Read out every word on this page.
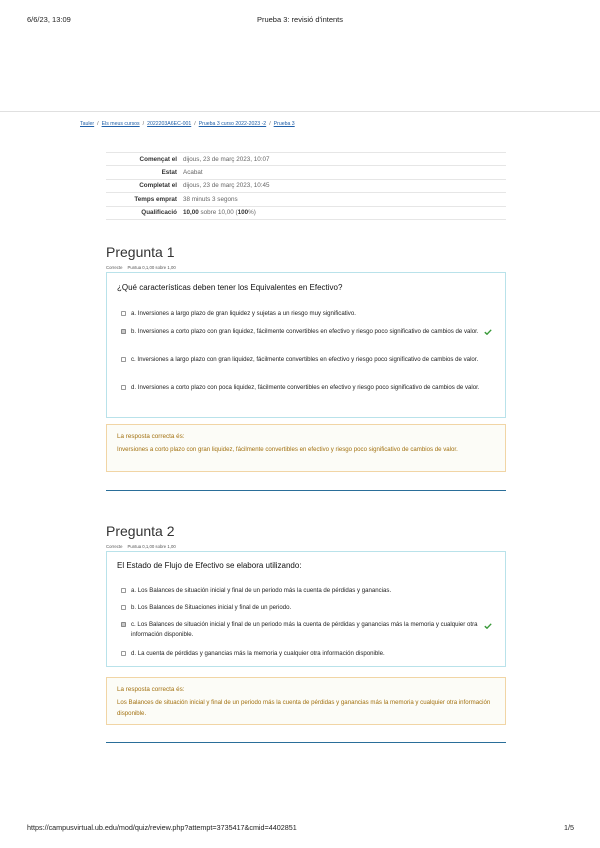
6/6/23, 13:09	Prueba 3: revisió d'intents
Tauler / Els meus cursos / 2022203A6EC-001 / Prueba 3 curso 2022-2023 -2 / Prueba 3
Començat el	dijous, 23 de març 2023, 10:07
Estat	Acabat
Completat el	dijous, 23 de març 2023, 10:45
Temps emprat	38 minuts 3 segons
Qualificació	10,00 sobre 10,00 (100%)
Pregunta 1
Correcte Puntua 0,1,00 sobre 1,00
¿Qué características deben tener los Equivalentes en Efectivo?
a. Inversiones a largo plazo de gran liquidez y sujetas a un riesgo muy significativo.
b. Inversiones a corto plazo con gran liquidez, fácilmente convertibles en efectivo y riesgo poco significativo de cambios de valor.
c. Inversiones a largo plazo con gran liquidez, fácilmente convertibles en efectivo y riesgo poco significativo de cambios de valor.
d. Inversiones a corto plazo con poca liquidez, fácilmente convertibles en efectivo y riesgo poco significativo de cambios de valor.
La resposta correcta és:
Inversiones a corto plazo con gran liquidez, fácilmente convertibles en efectivo y riesgo poco significativo de cambios de valor.
Pregunta 2
Correcte Puntua 0,1,00 sobre 1,00
El Estado de Flujo de Efectivo se elabora utilizando:
a. Los Balances de situación inicial y final de un periodo más la cuenta de pérdidas y ganancias.
b. Los Balances de Situaciones inicial y final de un periodo.
c. Los Balances de situación inicial y final de un periodo más la cuenta de pérdidas y ganancias más la memoria y cualquier otra información disponible.
d. La cuenta de pérdidas y ganancias más la memoria y cualquier otra información disponible.
La resposta correcta és:
Los Balances de situación inicial y final de un periodo más la cuenta de pérdidas y ganancias más la memoria y cualquier otra información disponible.
https://campusvirtual.ub.edu/mod/quiz/review.php?attempt=3735417&cmid=4402851	1/5
